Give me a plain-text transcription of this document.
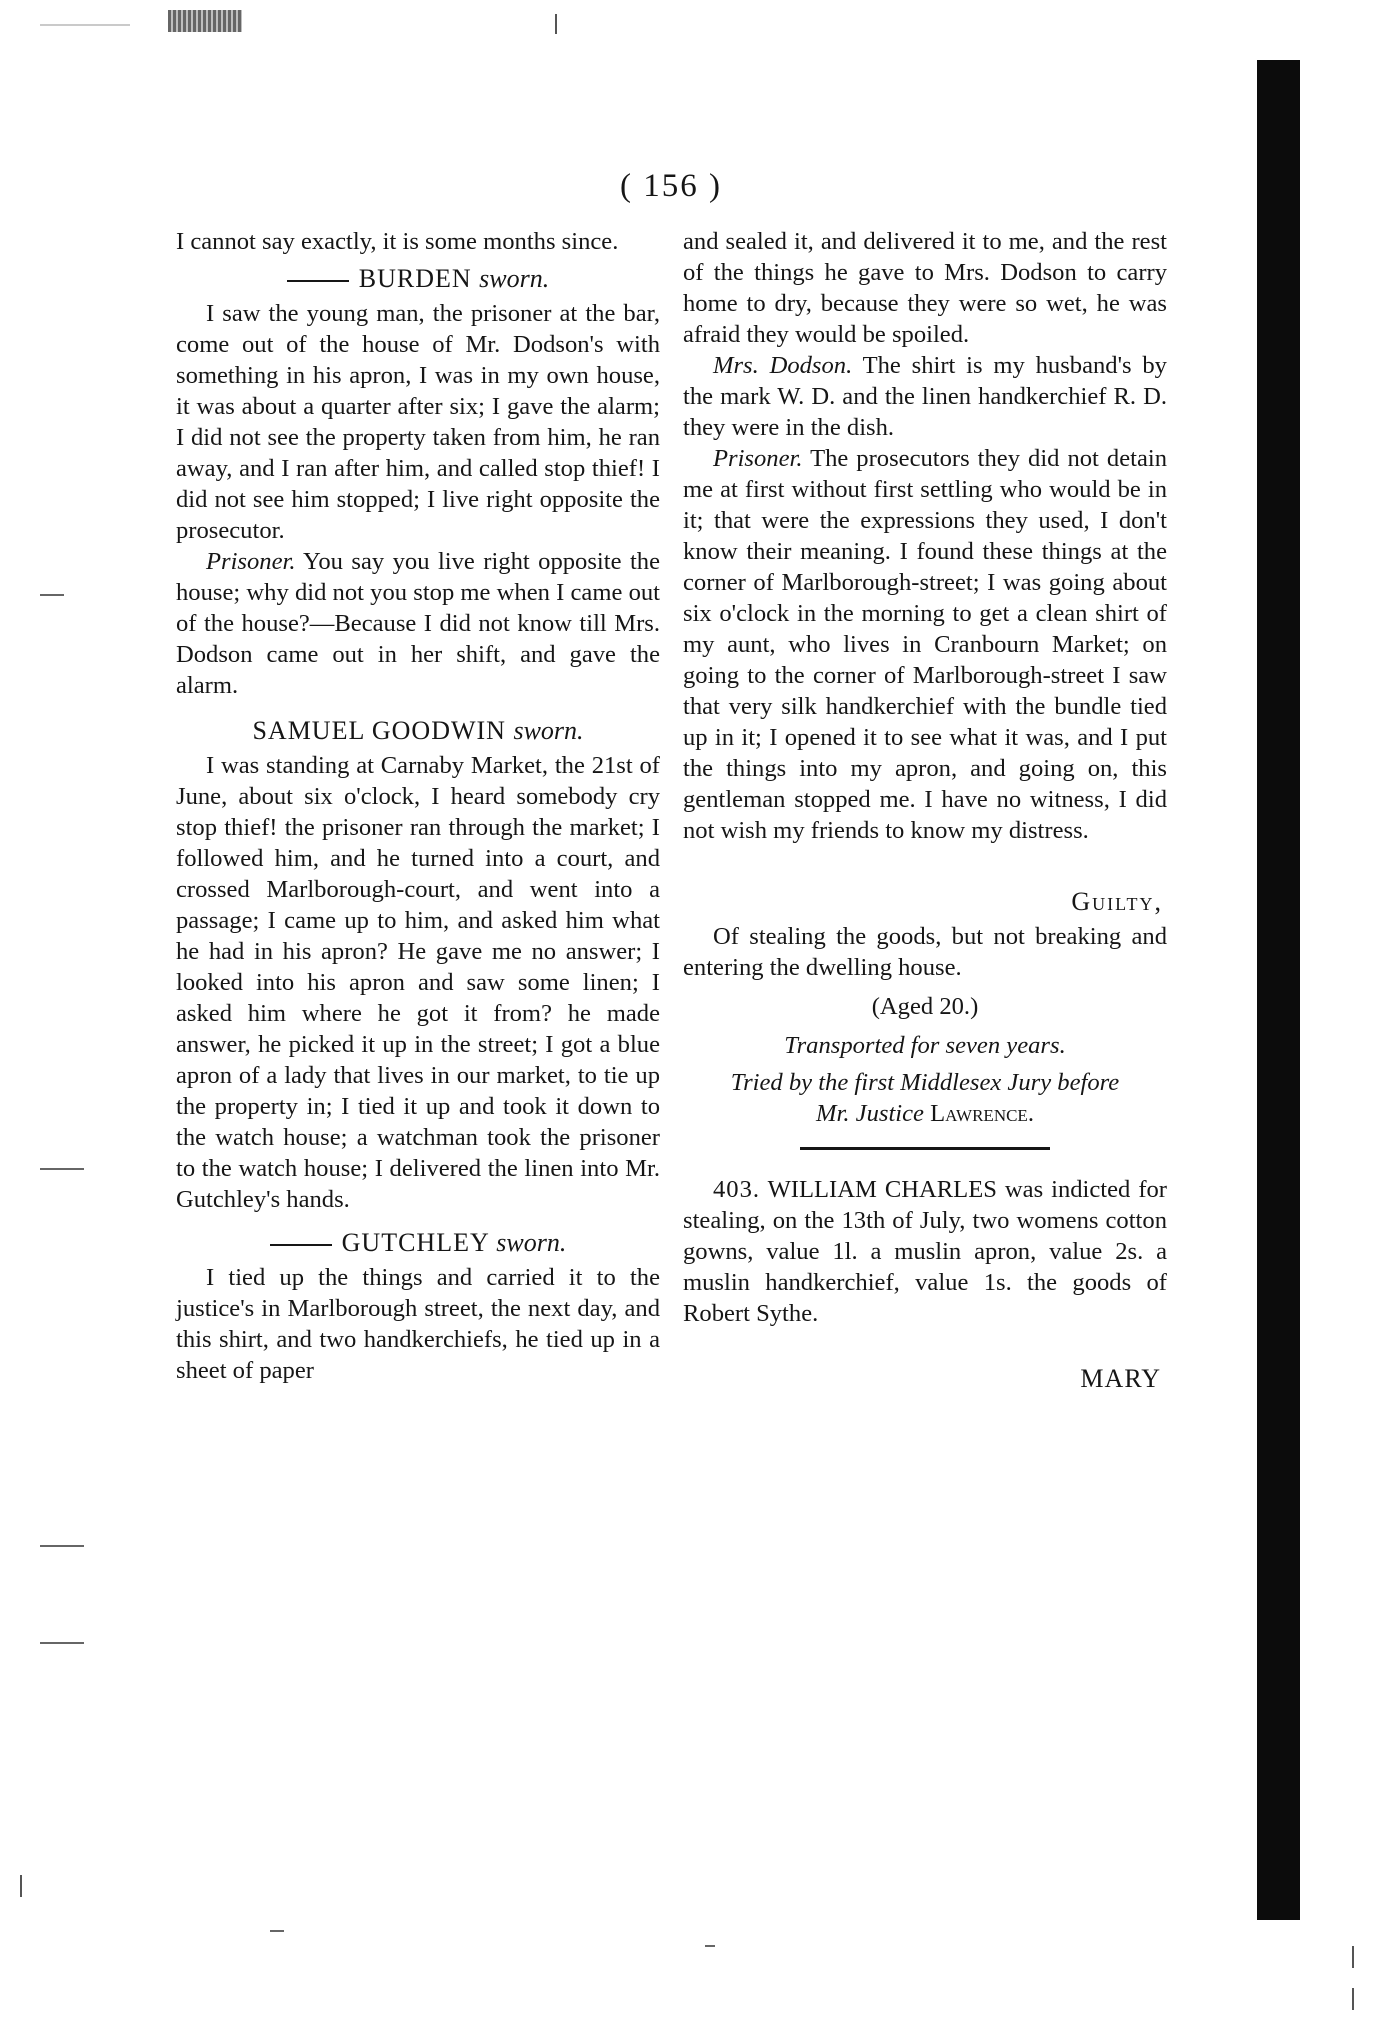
( 156 )

I cannot say exactly, it is some months since.

BURDEN sworn.

I saw the young man, the prisoner at the bar, come out of the house of Mr. Dodson's with something in his apron, I was in my own house, it was about a quarter after six; I gave the alarm; I did not see the property taken from him, he ran away, and I ran after him, and called stop thief! I did not see him stopped; I live right opposite the prosecutor.

Prisoner. You say you live right opposite the house; why did not you stop me when I came out of the house?—Because I did not know till Mrs. Dodson came out in her shift, and gave the alarm.

SAMUEL GOODWIN sworn.

I was standing at Carnaby Market, the 21st of June, about six o'clock, I heard somebody cry stop thief! the prisoner ran through the market; I followed him, and he turned into a court, and crossed Marlborough-court, and went into a passage; I came up to him, and asked him what he had in his apron? He gave me no answer; I looked into his apron and saw some linen; I asked him where he got it from? he made answer, he picked it up in the street; I got a blue apron of a lady that lives in our market, to tie up the property in; I tied it up and took it down to the watch house; a watchman took the prisoner to the watch house; I delivered the linen into Mr. Gutchley's hands.

GUTCHLEY sworn.

I tied up the things and carried it to the justice's in Marlborough street, the next day, and this shirt, and two handkerchiefs, he tied up in a sheet of paper

and sealed it, and delivered it to me, and the rest of the things he gave to Mrs. Dodson to carry home to dry, because they were so wet, he was afraid they would be spoiled.

Mrs. Dodson. The shirt is my husband's by the mark W. D. and the linen handkerchief R. D. they were in the dish.

Prisoner. The prosecutors they did not detain me at first without first settling who would be in it; that were the expressions they used, I don't know their meaning. I found these things at the corner of Marlborough-street; I was going about six o'clock in the morning to get a clean shirt of my aunt, who lives in Cranbourn Market; on going to the corner of Marlborough-street I saw that very silk handkerchief with the bundle tied up in it; I opened it to see what it was, and I put the things into my apron, and going on, this gentleman stopped me. I have no witness, I did not wish my friends to know my distress.

Guilty,

Of stealing the goods, but not breaking and entering the dwelling house.

(Aged 20.)
Transported for seven years.
Tried by the first Middlesex Jury before
Mr. Justice Lawrence.

403. WILLIAM CHARLES was indicted for stealing, on the 13th of July, two womens cotton gowns, value 1l. a muslin apron, value 2s. a muslin handkerchief, value 1s. the goods of Robert Sythe.

MARY
